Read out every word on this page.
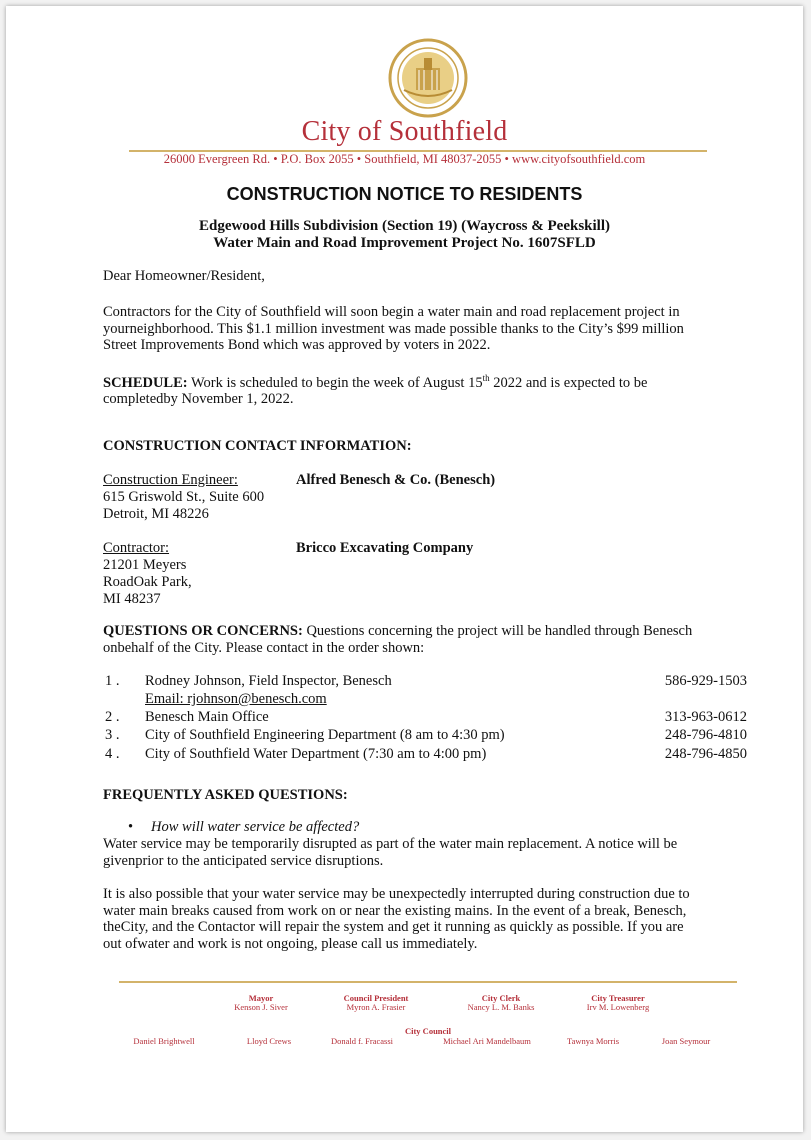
City of Southfield
26000 Evergreen Rd. • P.O. Box 2055 • Southfield, MI 48037-2055 • www.cityofsouthfield.com
CONSTRUCTION NOTICE TO RESIDENTS
Edgewood Hills Subdivision (Section 19) (Waycross & Peekskill)
Water Main and Road Improvement Project No. 1607SFLD
Dear Homeowner/Resident,
Contractors for the City of Southfield will soon begin a water main and road replacement project in yourneighborhood. This $1.1 million investment was made possible thanks to the City’s $99 million Street Improvements Bond which was approved by voters in 2022.
SCHEDULE: Work is scheduled to begin the week of August 15th 2022 and is expected to be completedby November 1, 2022.
CONSTRUCTION CONTACT INFORMATION:
Construction Engineer:	Alfred Benesch & Co. (Benesch)
615 Griswold St., Suite 600
Detroit, MI 48226
Contractor:	Bricco Excavating Company
21201 Meyers
RoadOak Park,
MI 48237
QUESTIONS OR CONCERNS: Questions concerning the project will be handled through Benesch onbehalf of the City. Please contact in the order shown:
1 .	Rodney Johnson, Field Inspector, Benesch	586-929-1503
Email: rjohnson@benesch.com
2 .	Benesch Main Office	313-963-0612
3 .	City of Southfield Engineering Department (8 am to 4:30 pm)	248-796-4810
4 .	City of Southfield Water Department (7:30 am to 4:00 pm)	248-796-4850
FREQUENTLY ASKED QUESTIONS:
•	How will water service be affected?
Water service may be temporarily disrupted as part of the water main replacement. A notice will be givenprior to the anticipated service disruptions.
It is also possible that your water service may be unexpectedly interrupted during construction due to water main breaks caused from work on or near the existing mains. In the event of a break, Benesch, theCity, and the Contactor will repair the system and get it running as quickly as possible. If you are out ofwater and work is not ongoing, please call us immediately.
Mayor
Kenson J. Siver
Council President
Myron A. Frasier
City Clerk
Nancy L. M. Banks
City Treasurer
Irv M. Lowenberg
City Council
Daniel Brightwell	Lloyd Crews	Donald f. Fracassi	Michael Ari Mandelbaum	Tawnya Morris	Joan Seymour
